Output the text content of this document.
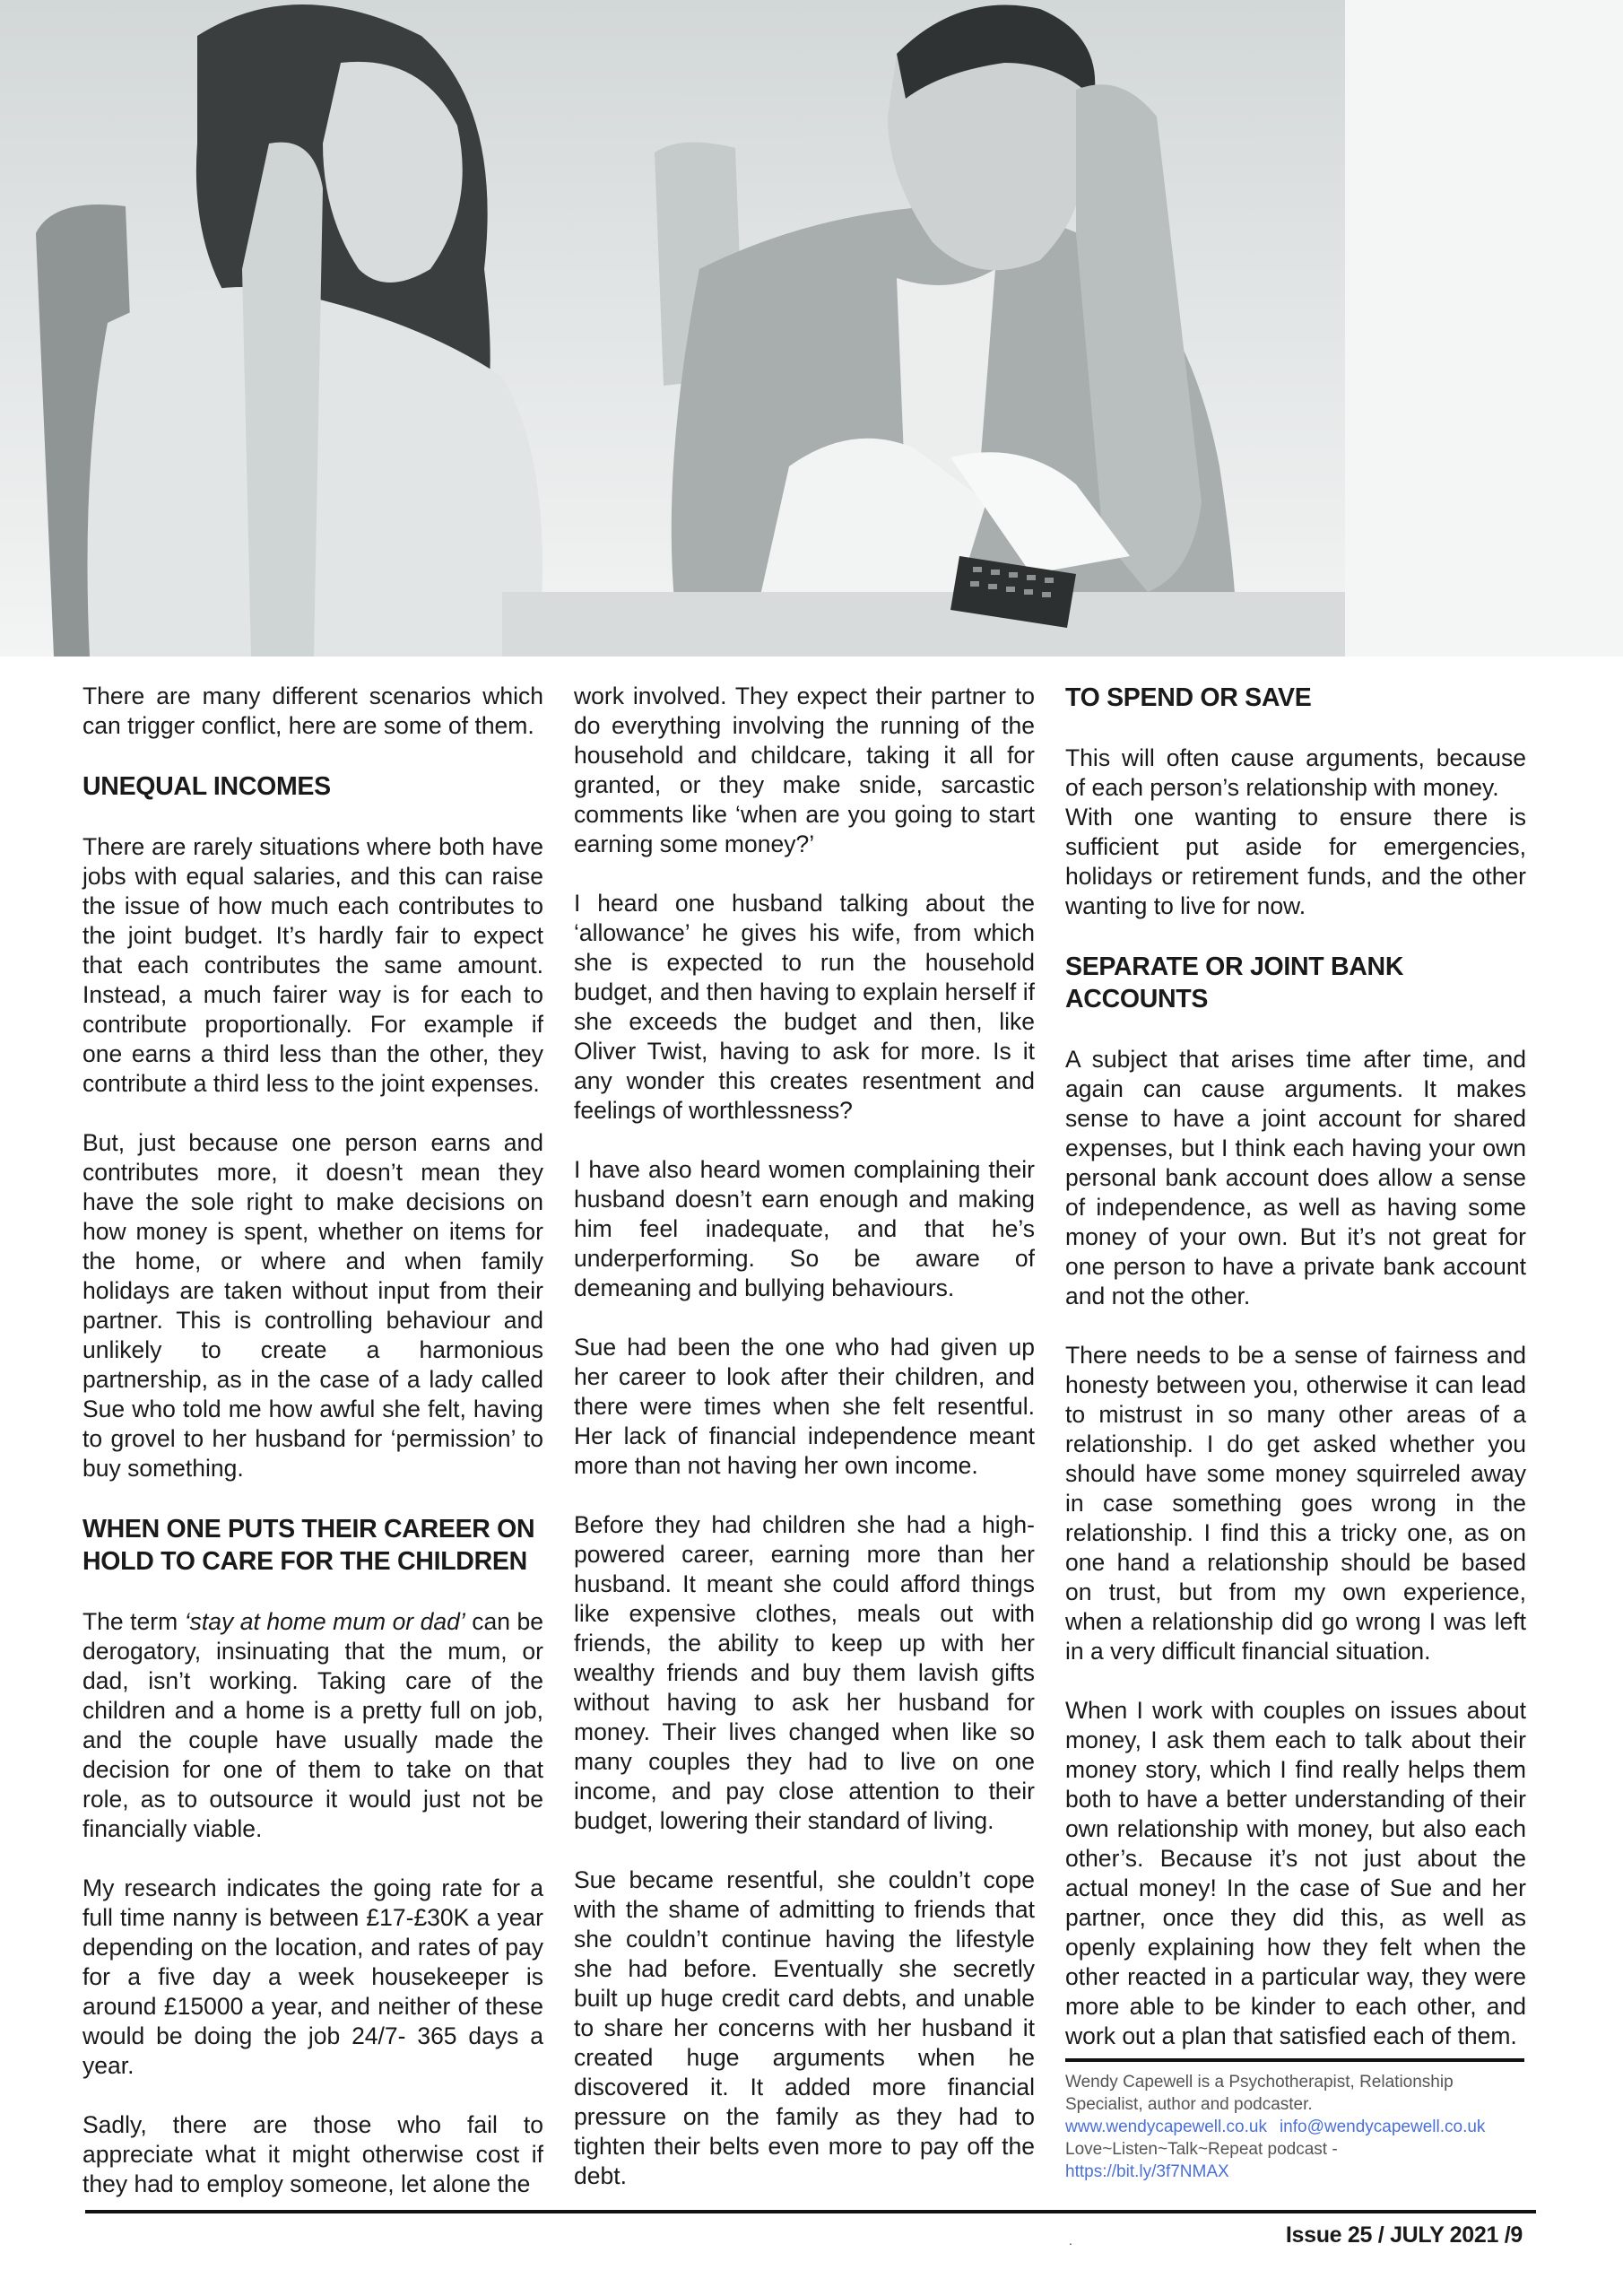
There are many different scenarios which can trigger conflict, here are some of them.

UNEQUAL INCOMES

There are rarely situations where both have jobs with equal salaries, and this can raise the issue of how much each contributes to the joint budget. It’s hardly fair to expect that each contributes the same amount. Instead, a much fairer way is for each to contribute proportionally. For example if one earns a third less than the other, they contribute a third less to the joint expenses.

But, just because one person earns and contributes more, it doesn’t mean they have the sole right to make decisions on how money is spent, whether on items for the home, or where and when family holidays are taken without input from their partner. This is controlling behaviour and unlikely to create a harmonious partnership, as in the case of a lady called Sue who told me how awful she felt, having to grovel to her husband for ‘permission’ to buy something.

WHEN ONE PUTS THEIR CAREER ON HOLD TO CARE FOR THE CHILDREN

The term ‘stay at home mum or dad’ can be derogatory, insinuating that the mum, or dad, isn’t working. Taking care of the children and a home is a pretty full on job, and the couple have usually made the decision for one of them to take on that role, as to outsource it would just not be financially viable.

My research indicates the going rate for a full time nanny is between £17-£30K a year depending on the location, and rates of pay for a five day a week housekeeper is around £15000 a year, and neither of these would be doing the job 24/7- 365 days a year.

Sadly, there are those who fail to appreciate what it might otherwise cost if they had to employ someone, let alone the

work involved. They expect their partner to do everything involving the running of the household and childcare, taking it all for granted, or they make snide, sarcastic comments like ‘when are you going to start earning some money?’

I heard one husband talking about the ‘allowance’ he gives his wife, from which she is expected to run the household budget, and then having to explain herself if she exceeds the budget and then, like Oliver Twist, having to ask for more. Is it any wonder this creates resentment and feelings of worthlessness?

I have also heard women complaining their husband doesn’t earn enough and making him feel inadequate, and that he’s underperforming. So be aware of demeaning and bullying behaviours.

Sue had been the one who had given up her career to look after their children, and there were times when she felt resentful. Her lack of financial independence meant more than not having her own income.

Before they had children she had a high-powered career, earning more than her husband. It meant she could afford things like expensive clothes, meals out with friends, the ability to keep up with her wealthy friends and buy them lavish gifts without having to ask her husband for money. Their lives changed when like so many couples they had to live on one income, and pay close attention to their budget, lowering their standard of living.

Sue became resentful, she couldn’t cope with the shame of admitting to friends that she couldn’t continue having the lifestyle she had before. Eventually she secretly built up huge credit card debts, and unable to share her concerns with her husband it created huge arguments when he discovered it. It added more financial pressure on the family as they had to tighten their belts even more to pay off the debt.

TO SPEND OR SAVE

This will often cause arguments, because of each person’s relationship with money.

With one wanting to ensure there is sufficient put aside for emergencies, holidays or retirement funds, and the other wanting to live for now.

SEPARATE OR JOINT BANK ACCOUNTS

A subject that arises time after time, and again can cause arguments. It makes sense to have a joint account for shared expenses, but I think each having your own personal bank account does allow a sense of independence, as well as having some money of your own. But it’s not great for one person to have a private bank account and not the other.

There needs to be a sense of fairness and honesty between you, otherwise it can lead to mistrust in so many other areas of a relationship. I do get asked whether you should have some money squirreled away in case something goes wrong in the relationship. I find this a tricky one, as on one hand a relationship should be based on trust, but from my own experience, when a relationship did go wrong I was left in a very difficult financial situation.

When I work with couples on issues about money, I ask them each to talk about their money story, which I find really helps them both to have a better understanding of their own relationship with money, but also each other’s. Because it’s not just about the actual money! In the case of Sue and her partner, once they did this, as well as openly explaining how they felt when the other reacted in a particular way, they were more able to be kinder to each other, and work out a plan that satisfied each of them.

Wendy Capewell is a Psychotherapist, Relationship Specialist, author and podcaster.
www.wendycapewell.co.uk info@wendycapewell.co.uk
Love~Listen~Talk~Repeat podcast -
https://bit.ly/3f7NMAX
.	Issue 25 / JULY 2021 /9
